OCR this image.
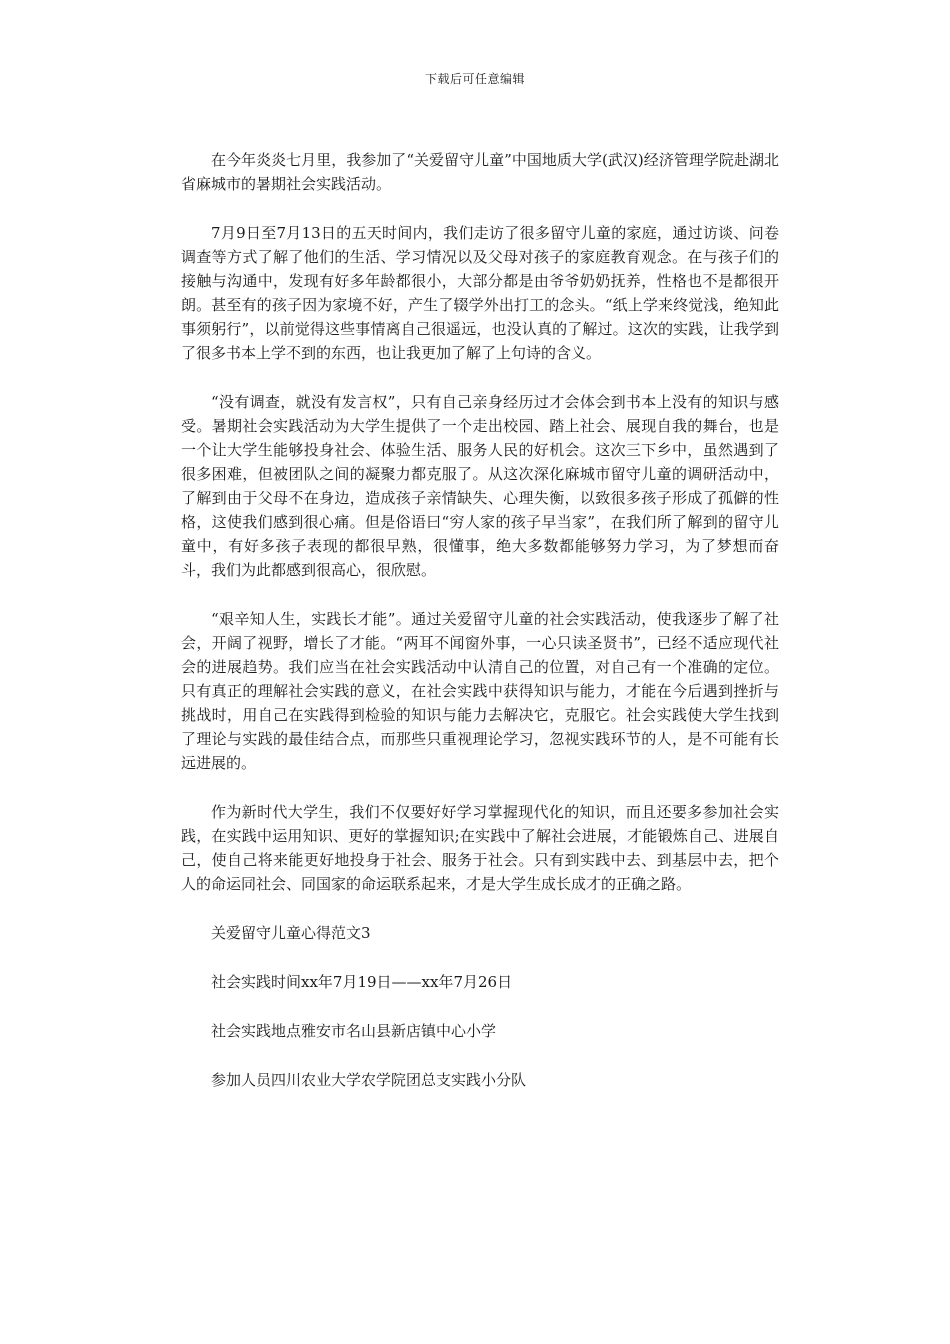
下载后可任意编辑

在今年炎炎七月里，我参加了“关爱留守儿童”中国地质大学(武汉)经济管理学院赴湖北省麻城市的暑期社会实践活动。

7月9日至7月13日的五天时间内，我们走访了很多留守儿童的家庭，通过访谈、问卷调查等方式了解了他们的生活、学习情况以及父母对孩子的家庭教育观念。在与孩子们的接触与沟通中，发现有好多年龄都很小，大部分都是由爷爷奶奶抚养，性格也不是都很开朗。甚至有的孩子因为家境不好，产生了辍学外出打工的念头。“纸上学来终觉浅，绝知此事须躬行”，以前觉得这些事情离自己很遥远，也没认真的了解过。这次的实践，让我学到了很多书本上学不到的东西，也让我更加了解了上句诗的含义。

“没有调查，就没有发言权”，只有自己亲身经历过才会体会到书本上没有的知识与感受。暑期社会实践活动为大学生提供了一个走出校园、踏上社会、展现自我的舞台，也是一个让大学生能够投身社会、体验生活、服务人民的好机会。这次三下乡中，虽然遇到了很多困难，但被团队之间的凝聚力都克服了。从这次深化麻城市留守儿童的调研活动中，了解到由于父母不在身边，造成孩子亲情缺失、心理失衡，以致很多孩子形成了孤僻的性格，这使我们感到很心痛。但是俗语曰“穷人家的孩子早当家”，在我们所了解到的留守儿童中，有好多孩子表现的都很早熟，很懂事，绝大多数都能够努力学习，为了梦想而奋斗，我们为此都感到很高心，很欣慰。

“艰辛知人生，实践长才能”。通过关爱留守儿童的社会实践活动，使我逐步了解了社会，开阔了视野，增长了才能。“两耳不闻窗外事，一心只读圣贤书”，已经不适应现代社会的进展趋势。我们应当在社会实践活动中认清自己的位置，对自己有一个准确的定位。只有真正的理解社会实践的意义，在社会实践中获得知识与能力，才能在今后遇到挫折与挑战时，用自己在实践得到检验的知识与能力去解决它，克服它。社会实践使大学生找到了理论与实践的最佳结合点，而那些只重视理论学习，忽视实践环节的人，是不可能有长远进展的。

作为新时代大学生，我们不仅要好好学习掌握现代化的知识，而且还要多参加社会实践，在实践中运用知识、更好的掌握知识;在实践中了解社会进展，才能锻炼自己、进展自己，使自己将来能更好地投身于社会、服务于社会。只有到实践中去、到基层中去，把个人的命运同社会、同国家的命运联系起来，才是大学生成长成才的正确之路。

关爱留守儿童心得范文3

社会实践时间xx年7月19日——xx年7月26日

社会实践地点雅安市名山县新店镇中心小学

参加人员四川农业大学农学院团总支实践小分队
